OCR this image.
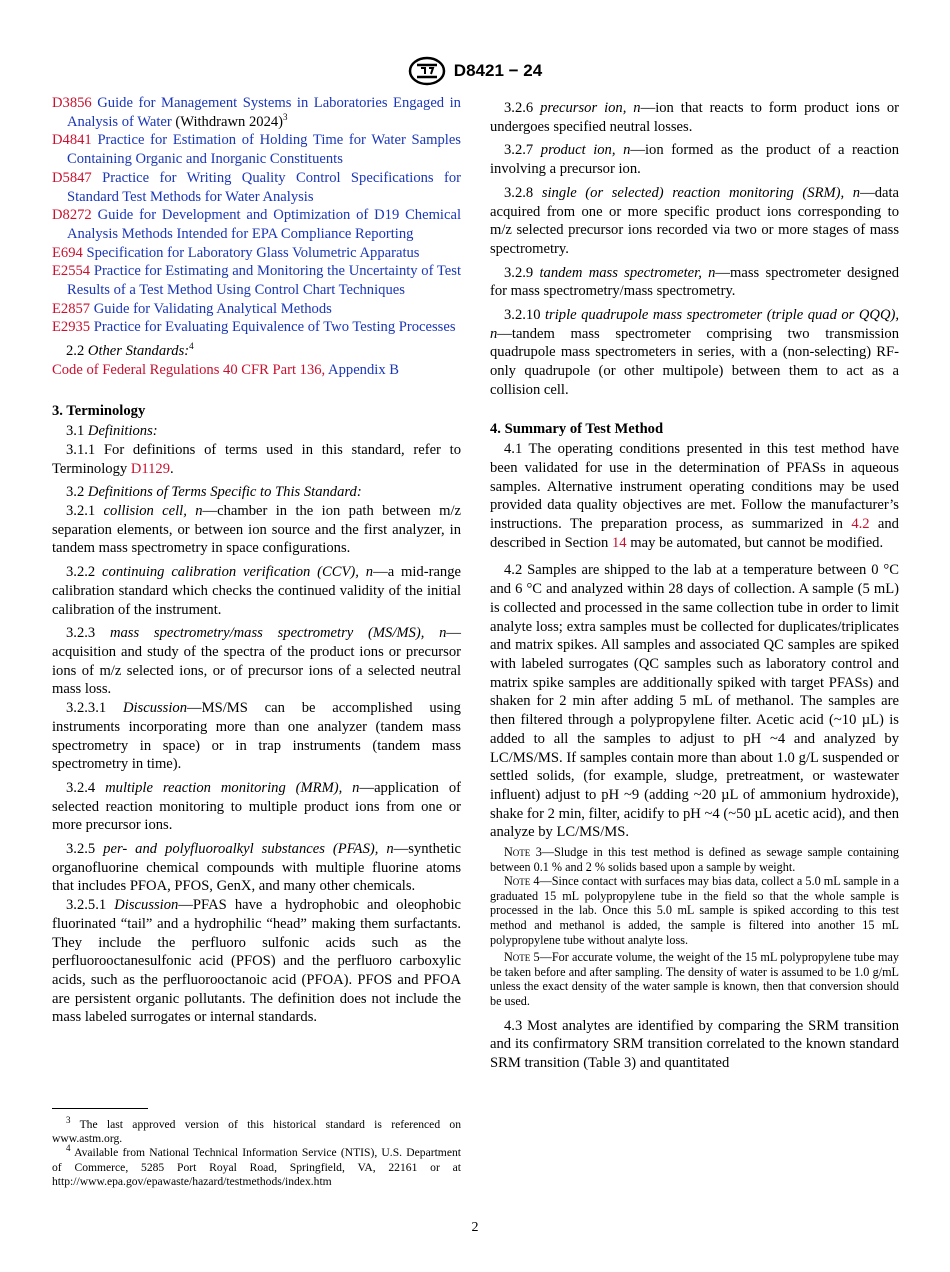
D8421 − 24

D3856 Guide for Management Systems in Laboratories Engaged in Analysis of Water (Withdrawn 2024)$^3$

D4841 Practice for Estimation of Holding Time for Water Samples Containing Organic and Inorganic Constituents

D5847 Practice for Writing Quality Control Specifications for Standard Test Methods for Water Analysis

D8272 Guide for Development and Optimization of D19 Chemical Analysis Methods Intended for EPA Compliance Reporting

E694 Specification for Laboratory Glass Volumetric Apparatus

E2554 Practice for Estimating and Monitoring the Uncertainty of Test Results of a Test Method Using Control Chart Techniques

E2857 Guide for Validating Analytical Methods

E2935 Practice for Evaluating Equivalence of Two Testing Processes

2.2 Other Standards:$^4$

Code of Federal Regulations 40 CFR Part 136, Appendix B

3. Terminology

3.1 Definitions:

3.1.1 For definitions of terms used in this standard, refer to Terminology D1129.

3.2 Definitions of Terms Specific to This Standard:

3.2.1 collision cell, n—chamber in the ion path between m/z separation elements, or between ion source and the first analyzer, in tandem mass spectrometry in space configurations.

3.2.2 continuing calibration verification (CCV), n—a mid-range calibration standard which checks the continued validity of the initial calibration of the instrument.

3.2.3 mass spectrometry/mass spectrometry (MS/MS), n—acquisition and study of the spectra of the product ions or precursor ions of m/z selected ions, or of precursor ions of a selected neutral mass loss.

3.2.3.1 Discussion—MS/MS can be accomplished using instruments incorporating more than one analyzer (tandem mass spectrometry in space) or in trap instruments (tandem mass spectrometry in time).

3.2.4 multiple reaction monitoring (MRM), n—application of selected reaction monitoring to multiple product ions from one or more precursor ions.

3.2.5 per- and polyfluoroalkyl substances (PFAS), n—synthetic organofluorine chemical compounds with multiple fluorine atoms that includes PFOA, PFOS, GenX, and many other chemicals.

3.2.5.1 Discussion—PFAS have a hydrophobic and oleophobic fluorinated “tail” and a hydrophilic “head” making them surfactants. They include the perfluoro sulfonic acids such as the perfluorooctanesulfonic acid (PFOS) and the perfluoro carboxylic acids, such as the perfluorooctanoic acid (PFOA). PFOS and PFOA are persistent organic pollutants. The definition does not include the mass labeled surrogates or internal standards.

3.2.6 precursor ion, n—ion that reacts to form product ions or undergoes specified neutral losses.

3.2.7 product ion, n—ion formed as the product of a reaction involving a precursor ion.

3.2.8 single (or selected) reaction monitoring (SRM), n—data acquired from one or more specific product ions corresponding to m/z selected precursor ions recorded via two or more stages of mass spectrometry.

3.2.9 tandem mass spectrometer, n—mass spectrometer designed for mass spectrometry/mass spectrometry.

3.2.10 triple quadrupole mass spectrometer (triple quad or QQQ), n—tandem mass spectrometer comprising two transmission quadrupole mass spectrometers in series, with a (non-selecting) RF-only quadrupole (or other multipole) between them to act as a collision cell.

4. Summary of Test Method

4.1 The operating conditions presented in this test method have been validated for use in the determination of PFASs in aqueous samples. Alternative instrument operating conditions may be used provided data quality objectives are met. Follow the manufacturer’s instructions. The preparation process, as summarized in 4.2 and described in Section 14 may be automated, but cannot be modified.

4.2 Samples are shipped to the lab at a temperature between 0 °C and 6 °C and analyzed within 28 days of collection. A sample (5 mL) is collected and processed in the same collection tube in order to limit analyte loss; extra samples must be collected for duplicates/triplicates and matrix spikes. All samples and associated QC samples are spiked with labeled surrogates (QC samples such as laboratory control and matrix spike samples are additionally spiked with target PFASs) and shaken for 2 min after adding 5 mL of methanol. The samples are then filtered through a polypropylene filter. Acetic acid (~10 µL) is added to all the samples to adjust to pH ~4 and analyzed by LC/MS/MS. If samples contain more than about 1.0 g/L suspended or settled solids, (for example, sludge, pretreatment, or wastewater influent) adjust to pH ~9 (adding ~20 µL of ammonium hydroxide), shake for 2 min, filter, acidify to pH ~4 (~50 µL acetic acid), and then analyze by LC/MS/MS.

Note 3—Sludge in this test method is defined as sewage sample containing between 0.1 % and 2 % solids based upon a sample by weight.

Note 4—Since contact with surfaces may bias data, collect a 5.0 mL sample in a graduated 15 mL polypropylene tube in the field so that the whole sample is processed in the lab. Once this 5.0 mL sample is spiked according to this test method and methanol is added, the sample is filtered into another 15 mL polypropylene tube without analyte loss.

Note 5—For accurate volume, the weight of the 15 mL polypropylene tube may be taken before and after sampling. The density of water is assumed to be 1.0 g/mL unless the exact density of the water sample is known, then that conversion should be used.

4.3 Most analytes are identified by comparing the SRM transition and its confirmatory SRM transition correlated to the known standard SRM transition (Table 3) and quantitated

$^3$ The last approved version of this historical standard is referenced on www.astm.org.

$^4$ Available from National Technical Information Service (NTIS), U.S. Department of Commerce, 5285 Port Royal Road, Springfield, VA, 22161 or at http://www.epa.gov/epawaste/hazard/testmethods/index.htm

2
